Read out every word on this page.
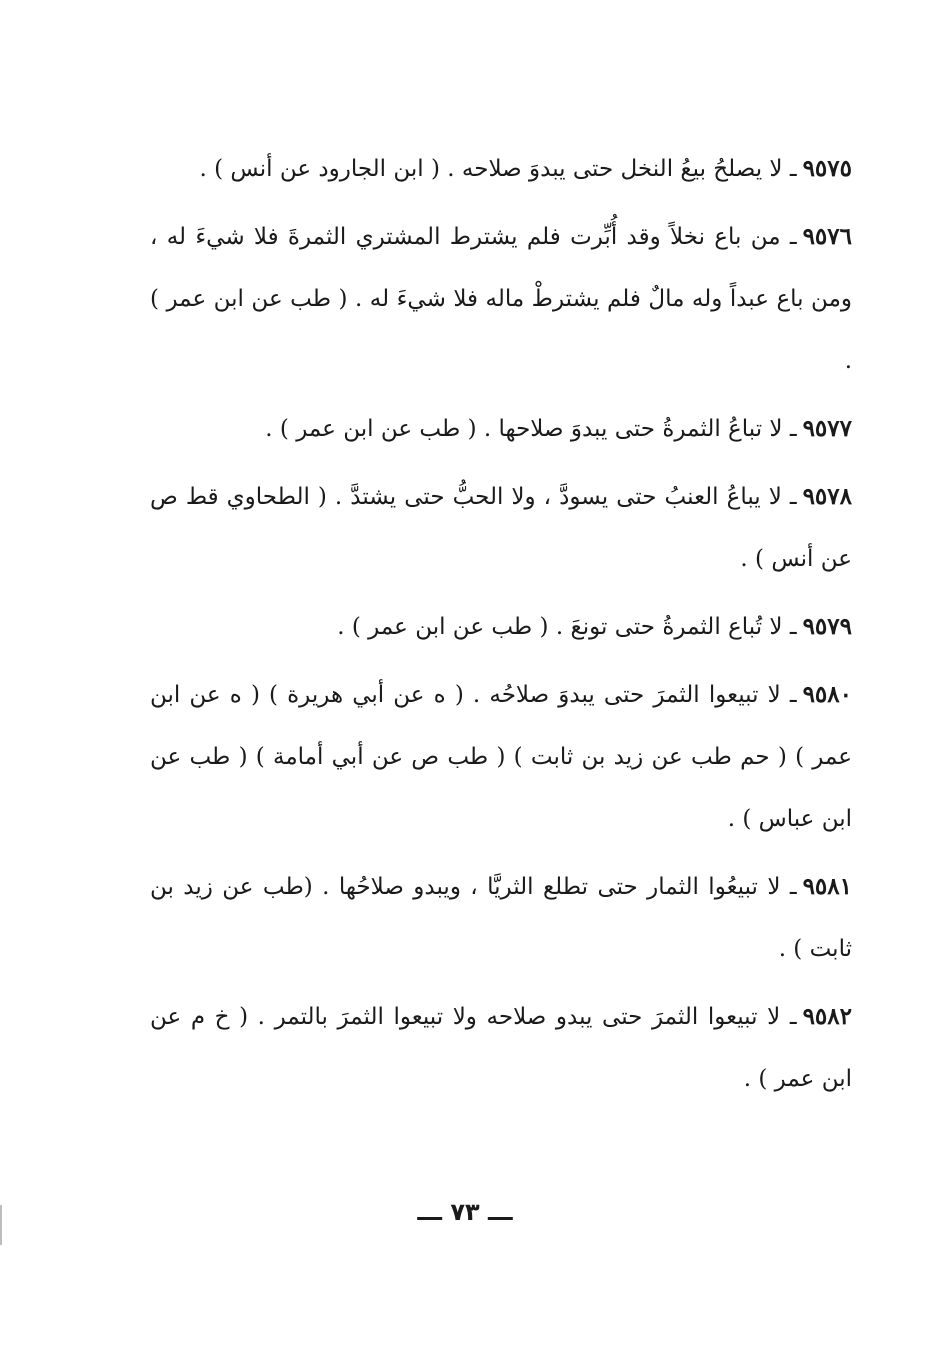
٩٥٧٥ـ لا يصلحُ بيعُ النخل حتى يبدوَ صلاحه . ( ابن الجارود عن أنس ) .

٩٥٧٦ـ من باع نخلاً وقد أُبِّرت فلم يشترط المشتري الثمرةَ فلا شيءَ له ، ومن باع عبداً وله مالٌ فلم يشترطْ ماله فلا شيءَ له . ( طب عن ابن عمر ) .

٩٥٧٧ـ لا تباعُ الثمرةُ حتى يبدوَ صلاحها . ( طب عن ابن عمر ) .

٩٥٧٨ـ لا يباعُ العنبُ حتى يسودَّ ، ولا الحبُّ حتى يشتدَّ . ( الطحاوي قط ص عن أنس ) .

٩٥٧٩ـ لا تُباع الثمرةُ حتى تونعَ . ( طب عن ابن عمر ) .

٩٥٨٠ـ لا تبيعوا الثمرَ حتى يبدوَ صلاحُه . ( ه عن أبي هريرة ) ( ه عن ابن عمر ) ( حم طب عن زيد بن ثابت ) ( طب ص عن أبي أمامة ) ( طب عن ابن عباس ) .

٩٥٨١ـ لا تبيعُوا الثمار حتى تطلع الثريَّا ، ويبدو صلاحُها . (طب عن زيد بن ثابت ) .

٩٥٨٢ـ لا تبيعوا الثمرَ حتى يبدو صلاحه ولا تبيعوا الثمرَ بالتمر . ( خ م عن ابن عمر ) .

ـــ ٧٣ ـــ
